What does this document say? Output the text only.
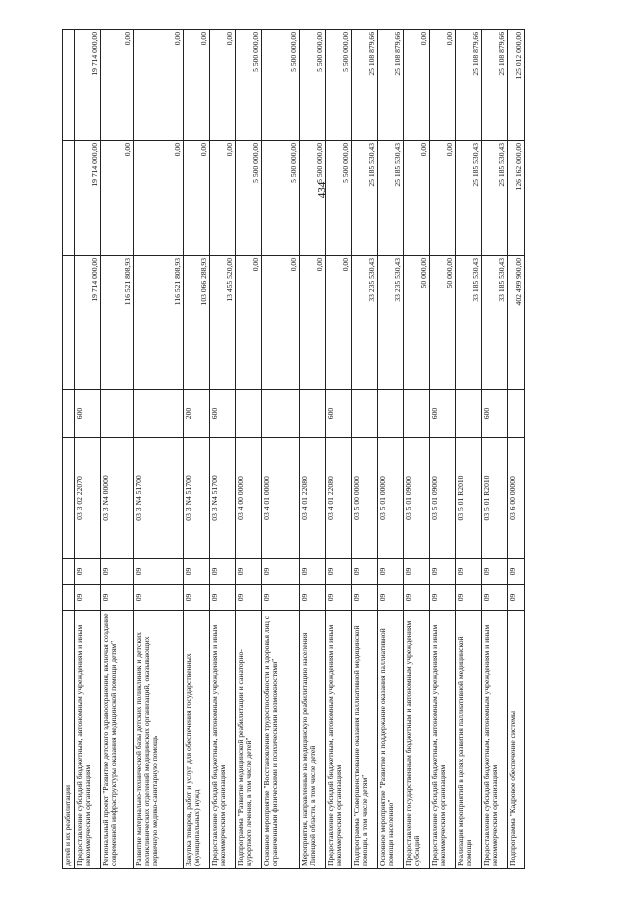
434
детей и их реабилитации							
Предоставление субсидий бюджетным, автономным учреждениям и иным некоммерческим организациям	09	09	03 3 02 22070	600	19 714 000,00	19 714 000,00	19 714 000,00
Региональный проект "Развитие детского здравоохранения, включая создание современной инфраструктуры оказания медицинской помощи детям"	09	09	03 3 N4 00000		116 521 808,93	0,00	0,00
Развитие материально-технической базы детских поликлиник и детских поликлинических отделений медицинских организаций, оказывающих первичную медико-санитарную помощь	09	09	03 3 N4 51700		116 521 808,93	0,00	0,00
Закупка товаров, работ и услуг для обеспечения государственных (муниципальных) нужд	09	09	03 3 N4 51700	200	103 066 288,93	0,00	0,00
Предоставление субсидий бюджетным, автономным учреждениям и иным некоммерческим организациям	09	09	03 3 N4 51700	600	13 455 520,00	0,00	0,00
Подпрограмма "Развитие медицинской реабилитации и санаторно-курортного лечения, в том числе детей"	09	09	03 4 00 00000		0,00	5 500 000,00	5 500 000,00
Основное мероприятие "Восстановление трудоспособности и здоровья лиц с ограниченными физическими и психическими возможностями"	09	09	03 4 01 00000		0,00	5 500 000,00	5 500 000,00
Мероприятия, направленные на медицинскую реабилитацию населения Липецкой области, в том числе детей	09	09	03 4 01 22080		0,00	5 500 000,00	5 500 000,00
Предоставление субсидий бюджетным, автономным учреждениям и иным некоммерческим организациям	09	09	03 4 01 22080	600	0,00	5 500 000,00	5 500 000,00
Подпрограмма "Совершенствование оказания паллиативной медицинской помощи, в том числе детям"	09	09	03 5 00 00000		33 235 530,43	25 185 530,43	25 108 879,66
Основное мероприятие "Развитие и поддержание оказания паллиативной помощи населению"	09	09	03 5 01 00000		33 235 530,43	25 185 530,43	25 108 879,66
Предоставление государственным бюджетным и автономным учреждениям субсидий	09	09	03 5 01 09000		50 000,00	0,00	0,00
Предоставление субсидий бюджетным, автономным учреждениям и иным некоммерческим организациям	09	09	03 5 01 09000	600	50 000,00	0,00	0,00
Реализация мероприятий в целях развития паллиативной медицинской помощи	09	09	03 5 01 R2010		33 185 530,43	25 185 530,43	25 108 879,66
Предоставление субсидий бюджетным, автономным учреждениям и иным некоммерческим организациям	09	09	03 5 01 R2010	600	33 185 530,43	25 185 530,43	25 108 879,66
Подпрограмма "Кадровое обеспечение системы	09	09	03 6 00 00000		402 499 900,00	126 162 000,00	125 012 000,00
